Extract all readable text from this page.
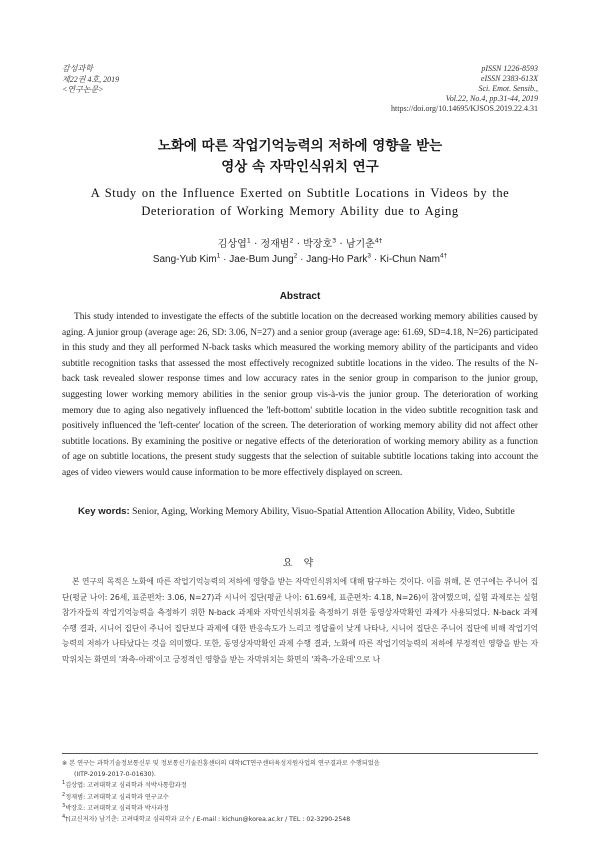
감성과학
제22권 4호, 2019
<연구논문>
pISSN 1226-8593
eISSN 2383-613X
Sci. Emot. Sensib.,
Vol.22, No.4, pp.31-44, 2019
https://doi.org/10.14695/KJSOS.2019.22.4.31
노화에 따른 작업기억능력의 저하에 영향을 받는
영상 속 자막인식위치 연구
A Study on the Influence Exerted on Subtitle Locations in Videos by the Deterioration of Working Memory Ability due to Aging
김상엽$^1$ · 정재범$^2$ · 박장호$^3$ · 남기춘$^{4\dagger}$
Sang-Yub Kim$^1$ · Jae-Bum Jung$^2$ · Jang-Ho Park$^3$ · Ki-Chun Nam$^{4\dagger}$
Abstract

This study intended to investigate the effects of the subtitle location on the decreased working memory abilities caused by aging. A junior group (average age: 26, SD: 3.06, N=27) and a senior group (average age: 61.69, SD=4.18, N=26) participated in this study and they all performed N-back tasks which measured the working memory ability of the participants and video subtitle recognition tasks that assessed the most effectively recognized subtitle locations in the video. The results of the N-back task revealed slower response times and low accuracy rates in the senior group in comparison to the junior group, suggesting lower working memory abilities in the senior group vis-à-vis the junior group. The deterioration of working memory due to aging also negatively influenced the 'left-bottom' subtitle location in the video subtitle recognition task and positively influenced the 'left-center' location of the screen. The deterioration of working memory ability did not affect other subtitle locations. By examining the positive or negative effects of the deterioration of working memory ability as a function of age on subtitle locations, the present study suggests that the selection of suitable subtitle locations taking into account the ages of video viewers would cause information to be more effectively displayed on screen.

Key words: Senior, Aging, Working Memory Ability, Visuo-Spatial Attention Allocation Ability, Video, Subtitle
요 약

본 연구의 목적은 노화에 따른 작업기억능력의 저하에 영향을 받는 자막인식위치에 대해 탐구하는 것이다. 이를 위해, 본 연구에는 주니어 집단(평균 나이: 26세, 표준편차: 3.06, N=27)과 시니어 집단(평균 나이: 61.69세, 표준편차: 4.18, N=26)이 참여했으며, 실험 과제로는 실험 참가자들의 작업기억능력을 측정하기 위한 N-back 과제와 자막인식위치를 측정하기 위한 동영상자막확인 과제가 사용되었다. N-back 과제 수행 결과, 시니어 집단이 주니어 집단보다 과제에 대한 반응속도가 느리고 정답률이 낮게 나타나, 시니어 집단은 주니어 집단에 비해 작업기억능력의 저하가 나타났다는 것을 의미했다. 또한, 동영상자막확인 과제 수행 결과, 노화에 따른 작업기억능력의 저하에 부정적인 영향을 받는 자막위치는 화면의 '좌측-아래'이고 긍정적인 영향을 받는 자막위치는 화면의 '좌측-가운데'으로 나

※ 본 연구는 과학기술정보통신부 및 정보통신기술진흥센터의 대학ICT연구센터육성지원사업의 연구결과로 수행되었음
(IITP-2019-2017-0-01630).
$^1$김상엽: 고려대학교 심리학과 석박사통합과정
$^2$정재범: 고려대학교 심리학과 연구교수
$^3$박장호: 고려대학교 심리학과 박사과정
$^4$†(교신저자) 남기춘: 고려대학교 심리학과 교수 / E-mail : kichun@korea.ac.kr / TEL : 02-3290-2548
